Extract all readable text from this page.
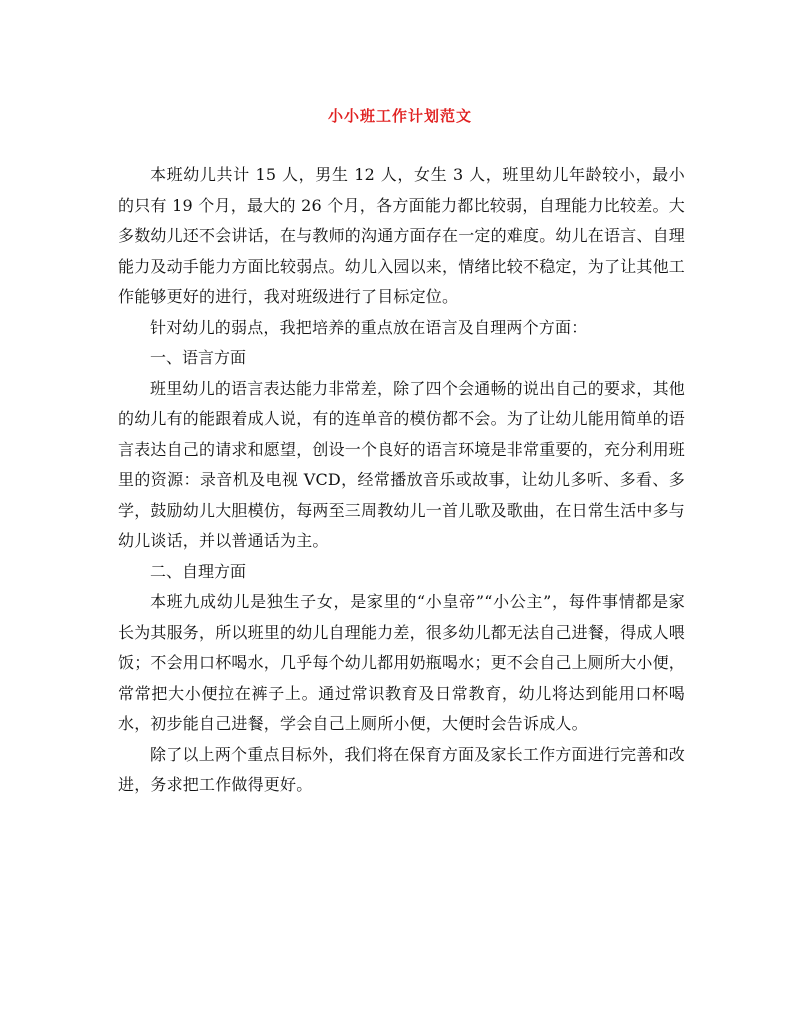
小小班工作计划范文

本班幼儿共计 15 人，男生 12 人，女生 3 人，班里幼儿年龄较小，最小的只有 19 个月，最大的 26 个月，各方面能力都比较弱，自理能力比较差。大多数幼儿还不会讲话，在与教师的沟通方面存在一定的难度。幼儿在语言、自理能力及动手能力方面比较弱点。幼儿入园以来，情绪比较不稳定，为了让其他工作能够更好的进行，我对班级进行了目标定位。

针对幼儿的弱点，我把培养的重点放在语言及自理两个方面：

一、语言方面

班里幼儿的语言表达能力非常差，除了四个会通畅的说出自己的要求，其他的幼儿有的能跟着成人说，有的连单音的模仿都不会。为了让幼儿能用简单的语言表达自己的请求和愿望，创设一个良好的语言环境是非常重要的，充分利用班里的资源：录音机及电视 VCD，经常播放音乐或故事，让幼儿多听、多看、多学，鼓励幼儿大胆模仿，每两至三周教幼儿一首儿歌及歌曲，在日常生活中多与幼儿谈话，并以普通话为主。

二、自理方面

本班九成幼儿是独生子女，是家里的“小皇帝”“小公主”，每件事情都是家长为其服务，所以班里的幼儿自理能力差，很多幼儿都无法自己进餐，得成人喂饭；不会用口杯喝水，几乎每个幼儿都用奶瓶喝水；更不会自己上厕所大小便，常常把大小便拉在裤子上。通过常识教育及日常教育，幼儿将达到能用口杯喝水，初步能自己进餐，学会自己上厕所小便，大便时会告诉成人。

除了以上两个重点目标外，我们将在保育方面及家长工作方面进行完善和改进，务求把工作做得更好。
